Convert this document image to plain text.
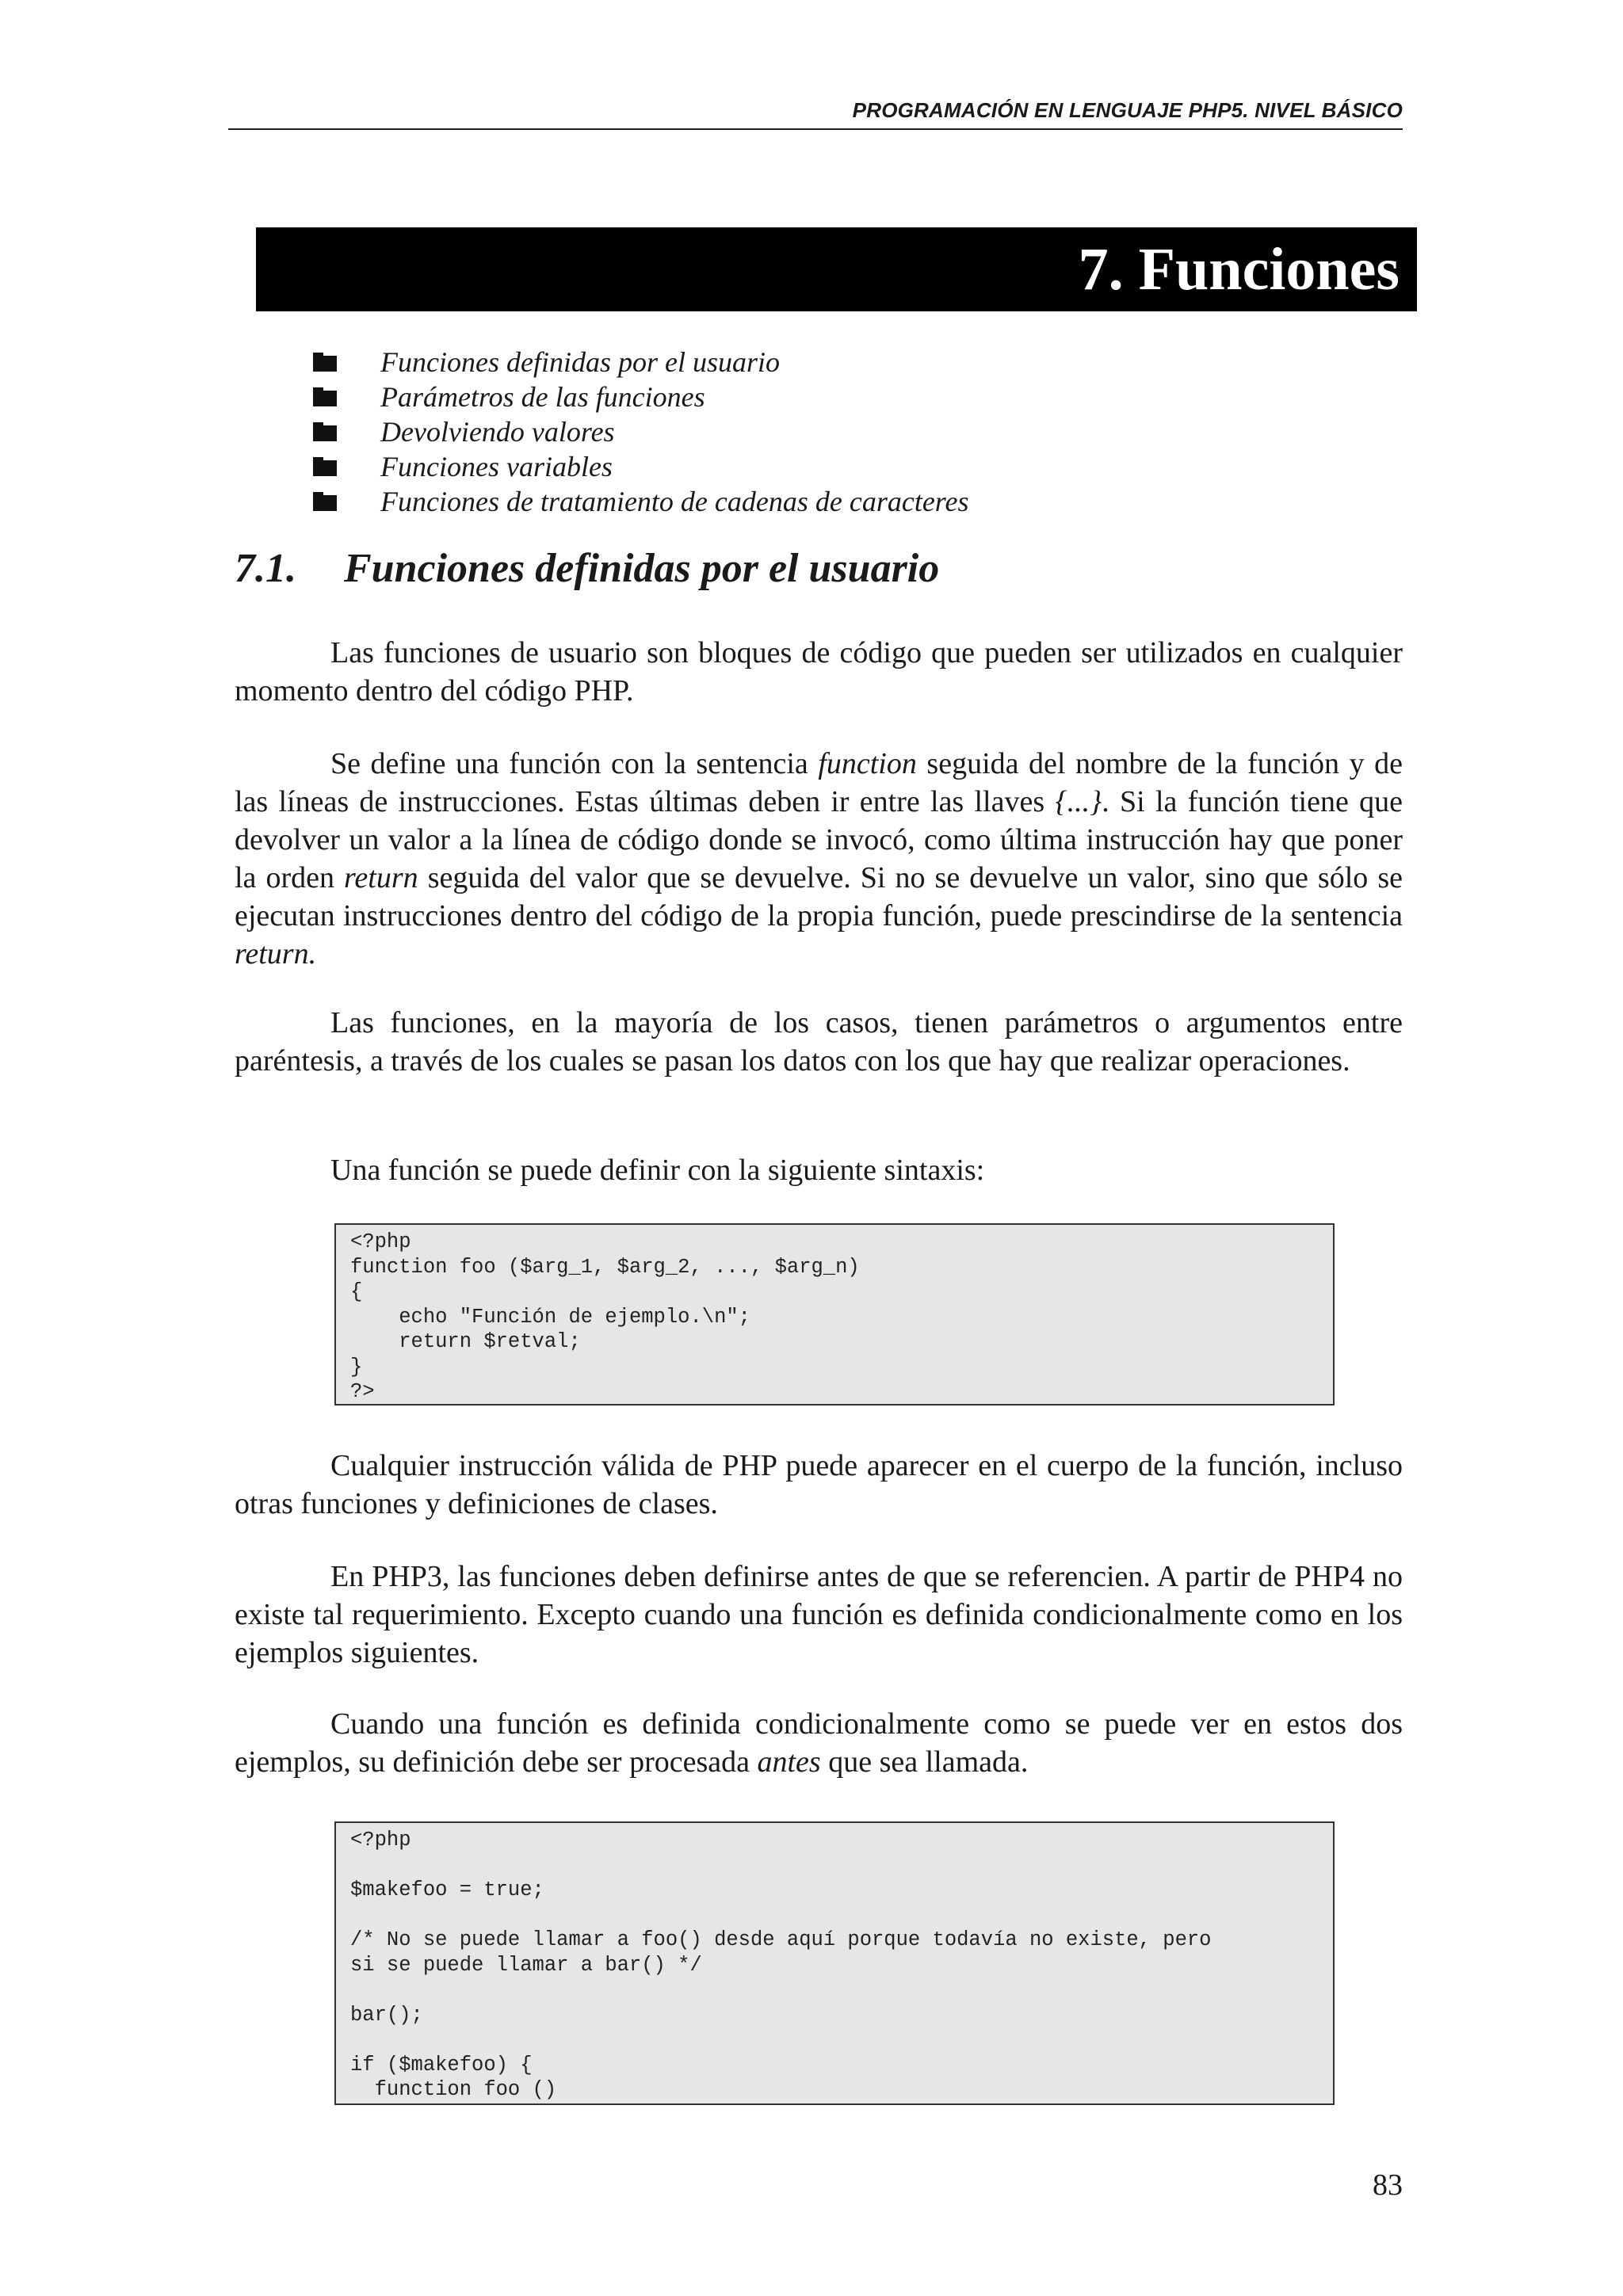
PROGRAMACIÓN EN LENGUAJE PHP5. NIVEL BÁSICO
7. Funciones
Funciones definidas por el usuario
Parámetros de las funciones
Devolviendo valores
Funciones variables
Funciones de tratamiento de cadenas de caracteres
7.1.	Funciones definidas por el usuario

Las funciones de usuario son bloques de código que pueden ser utilizados en cualquier momento dentro del código PHP.

Se define una función con la sentencia function seguida del nombre de la función y de las líneas de instrucciones. Estas últimas deben ir entre las llaves {...}. Si la función tiene que devolver un valor a la línea de código donde se invocó, como última instrucción hay que poner la orden return seguida del valor que se devuelve. Si no se devuelve un valor, sino que sólo se ejecutan instrucciones dentro del código de la propia función, puede prescindirse de la sentencia return.

Las funciones, en la mayoría de los casos, tienen parámetros o argumentos entre paréntesis, a través de los cuales se pasan los datos con los que hay que realizar operaciones.

Una función se puede definir con la siguiente sintaxis:

<?php
function foo ($arg_1, $arg_2, ..., $arg_n)
{
echo "Función de ejemplo.\n";
return $retval;
}
?>

Cualquier instrucción válida de PHP puede aparecer en el cuerpo de la función, incluso otras funciones y definiciones de clases.

En PHP3, las funciones deben definirse antes de que se referencien. A partir de PHP4 no existe tal requerimiento. Excepto cuando una función es definida condicionalmente como en los ejemplos siguientes.

Cuando una función es definida condicionalmente como se puede ver en estos dos ejemplos, su definición debe ser procesada antes que sea llamada.

<?php

$makefoo = true;

/* No se puede llamar a foo() desde aquí porque todavía no existe, pero
si se puede llamar a bar() */

bar();

if ($makefoo) {
function foo ()
83
